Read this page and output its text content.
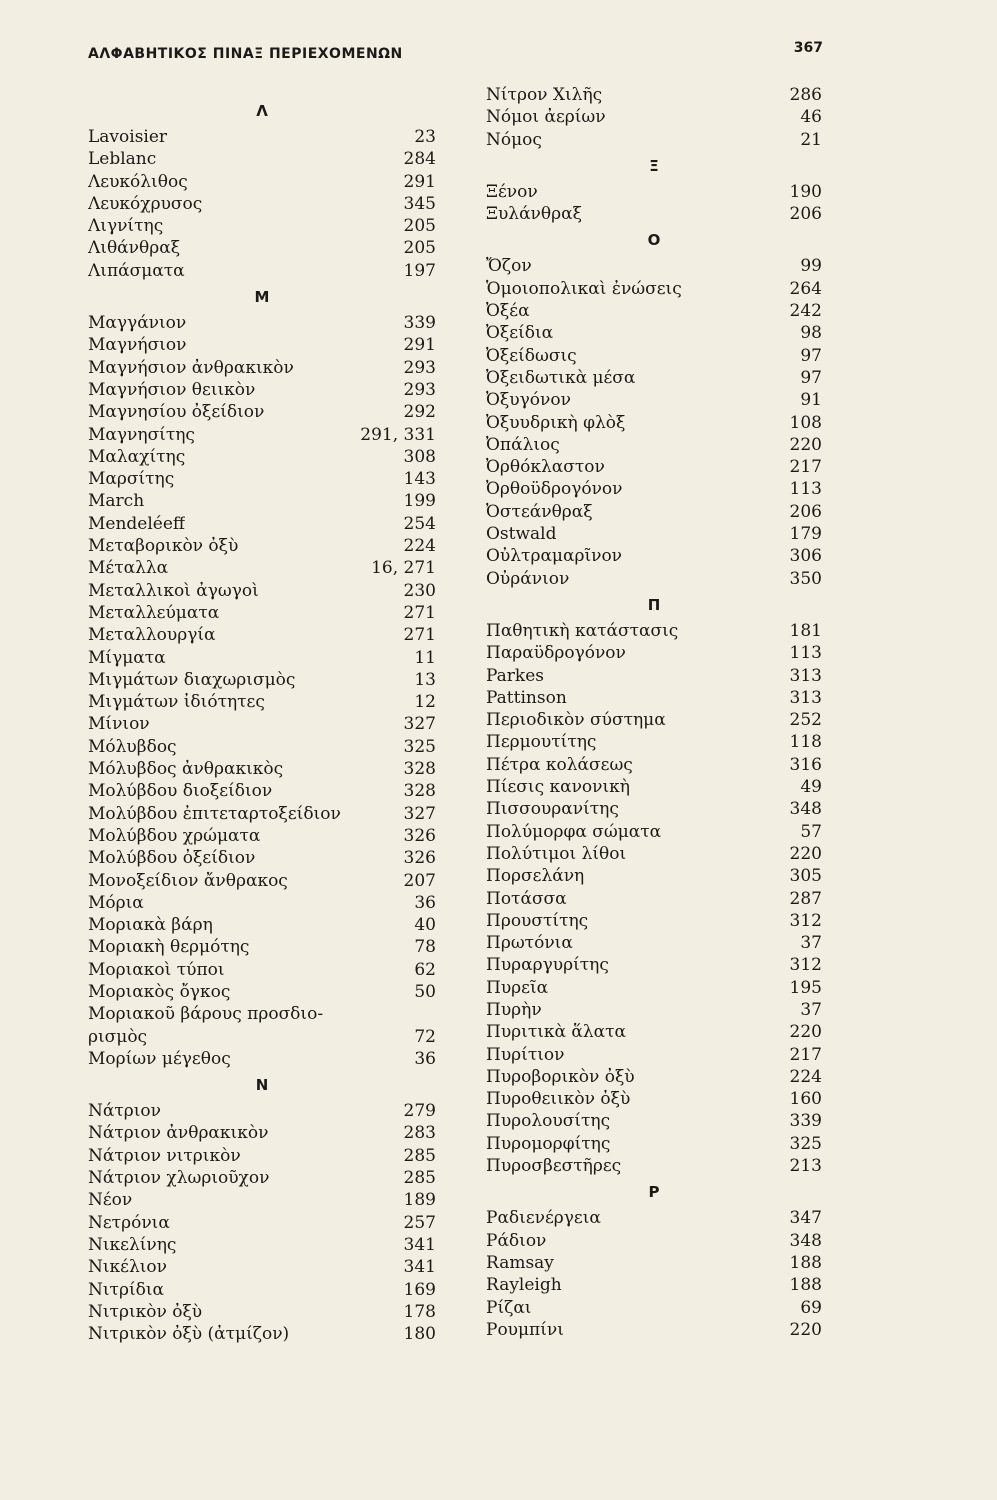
ΑΛΦΑΒΗΤΙΚΟΣ ΠΙΝΑΞ ΠΕΡΙΕΧΟΜΕΝΩΝ	367
Λ
Lavoisier	23
Leblanc	284
Λευκόλιθος	291
Λευκόχρυσος	345
Λιγνίτης	205
Λιθάνθραξ	205
Λιπάσματα	197
Μ
Μαγγάνιον	339
Μαγνήσιον	291
Μαγνήσιον ἀνθρακικὸν	293
Μαγνήσιον θειικὸν	293
Μαγνησίου ὀξείδιον	292
Μαγνησίτης	291, 331
Μαλαχίτης	308
Μαρσίτης	143
March	199
Mendeléeff	254
Μεταβορικὸν ὀξὺ	224
Μέταλλα	16, 271
Μεταλλικοὶ ἀγωγοὶ	230
Μεταλλεύματα	271
Μεταλλουργία	271
Μίγματα	11
Μιγμάτων διαχωρισμὸς	13
Μιγμάτων ἰδιότητες	12
Μίνιον	327
Μόλυβδος	325
Μόλυβδος ἀνθρακικὸς	328
Μολύβδου διοξείδιον	328
Μολύβδου ἐπιτεταρτοξείδιον	327
Μολύβδου χρώματα	326
Μολύβδου ὀξείδιον	326
Μονοξείδιον ἄνθρακος	207
Μόρια	36
Μοριακὰ βάρη	40
Μοριακὴ θερμότης	78
Μοριακοὶ τύποι	62
Μοριακὸς ὄγκος	50
Μοριακοῦ βάρους προσδιο-
ρισμὸς	72
Μορίων μέγεθος	36
Ν
Νάτριον	279
Νάτριον ἀνθρακικὸν	283
Νάτριον νιτρικὸν	285
Νάτριον χλωριοῦχον	285
Νέον	189
Νετρόνια	257
Νικελίνης	341
Νικέλιον	341
Νιτρίδια	169
Νιτρικὸν ὀξὺ	178
Νιτρικὸν ὀξὺ (ἀτμίζον)	180
Νίτρον Χιλῆς	286
Νόμοι ἀερίων	46
Νόμος	21
Ξ
Ξένον	190
Ξυλάνθραξ	206
Ο
Ὄζον	99
Ὁμοιοπολικαὶ ἐνώσεις	264
Ὀξέα	242
Ὀξείδια	98
Ὀξείδωσις	97
Ὀξειδωτικὰ μέσα	97
Ὀξυγόνον	91
Ὀξυυδρικὴ φλὸξ	108
Ὀπάλιος	220
Ὀρθόκλαστον	217
Ὀρθοϋδρογόνον	113
Ὀστεάνθραξ	206
Ostwald	179
Οὐλτραμαρῖνον	306
Οὐράνιον	350
Π
Παθητικὴ κατάστασις	181
Παραϋδρογόνον	113
Parkes	313
Pattinson	313
Περιοδικὸν σύστημα	252
Περμουτίτης	118
Πέτρα κολάσεως	316
Πίεσις κανονικὴ	49
Πισσουρανίτης	348
Πολύμορφα σώματα	57
Πολύτιμοι λίθοι	220
Πορσελάνη	305
Ποτάσσα	287
Προυστίτης	312
Πρωτόνια	37
Πυραργυρίτης	312
Πυρεῖα	195
Πυρὴν	37
Πυριτικὰ ἅλατα	220
Πυρίτιον	217
Πυροβορικὸν ὀξὺ	224
Πυροθειικὸν ὀξὺ	160
Πυρολουσίτης	339
Πυρομορφίτης	325
Πυροσβεστῆρες	213
Ρ
Ραδιενέργεια	347
Ράδιον	348
Ramsay	188
Rayleigh	188
Ρίζαι	69
Ρουμπίνι	220
